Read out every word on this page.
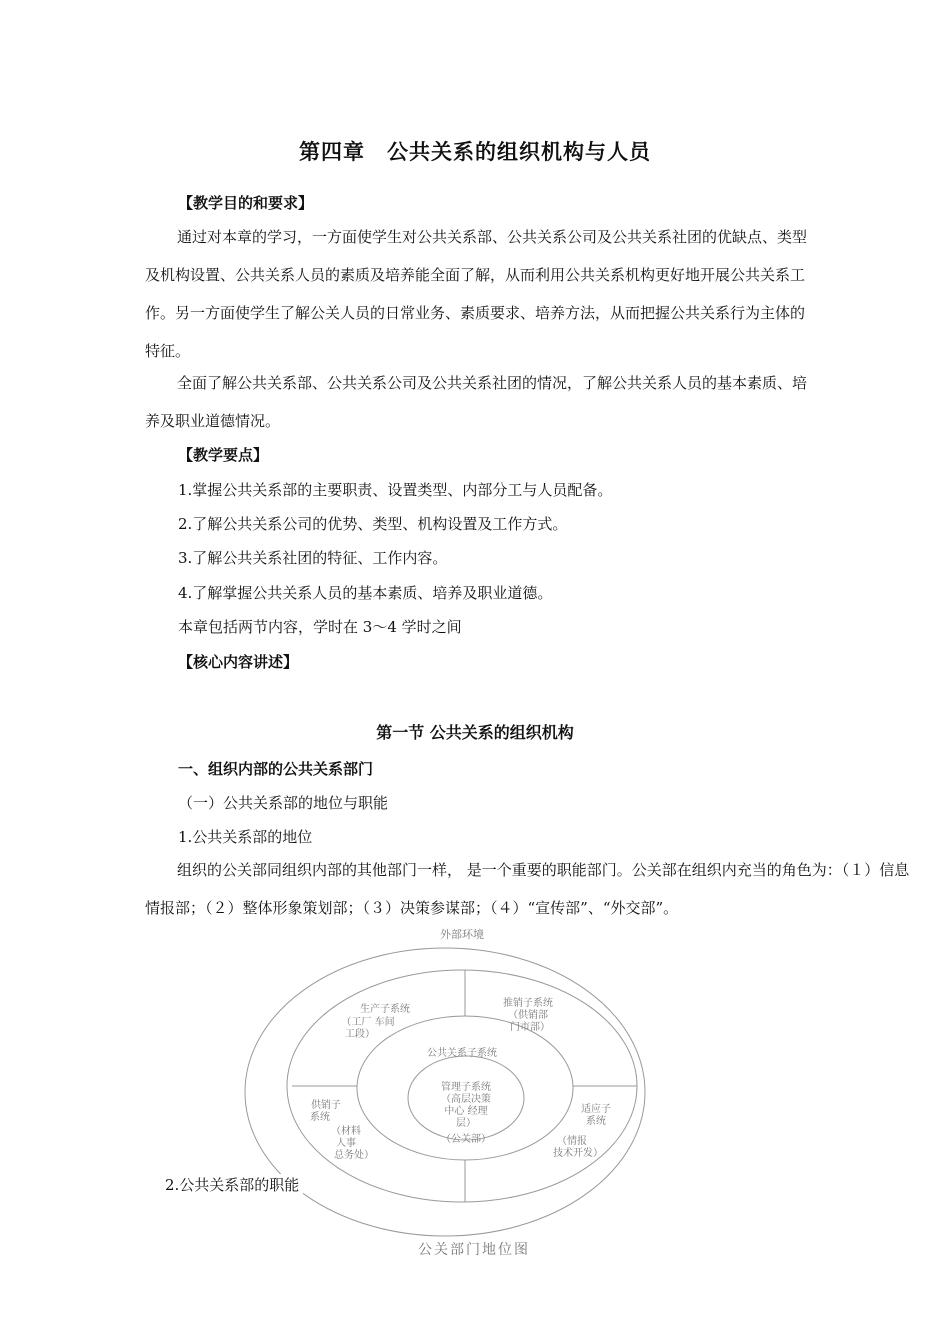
第四章　公共关系的组织机构与人员
【教学目的和要求】

通过对本章的学习，一方面使学生对公共关系部、公共关系公司及公共关系社团的优缺点、类型及机构设置、公共关系人员的素质及培养能全面了解，从而利用公共关系机构更好地开展公共关系工作。另一方面使学生了解公关人员的日常业务、素质要求、培养方法，从而把握公共关系行为主体的特征。

全面了解公共关系部、公共关系公司及公共关系社团的情况，了解公共关系人员的基本素质、培养及职业道德情况。

【教学要点】
1.掌握公共关系部的主要职责、设置类型、内部分工与人员配备。
2.了解公共关系公司的优势、类型、机构设置及工作方式。
3.了解公共关系社团的特征、工作内容。
4.了解掌握公共关系人员的基本素质、培养及职业道德。
本章包括两节内容，学时在 3～4 学时之间
【核心内容讲述】
第一节 公共关系的组织机构
一、组织内部的公共关系部门
（一）公共关系部的地位与职能
1.公共关系部的地位

组织的公关部同组织内部的其他部门一样， 是一个重要的职能部门。公关部在组织内充当的角色为：（１）信息情报部；（２）整体形象策划部；（３）决策参谋部；（４）“宣传部”、“外交部”。

外部环境
生产子系统
（工厂 车间
工段）
推销子系统
（供销部
门市部）
公共关系子系统
管理子系统
（高层决策
中心 经理
层）
（公关部）
供销子
系统
（材料
人事
总务处）
适应子
系统
（情报
技术开发）
公关部门地位图
2.公共关系部的职能
